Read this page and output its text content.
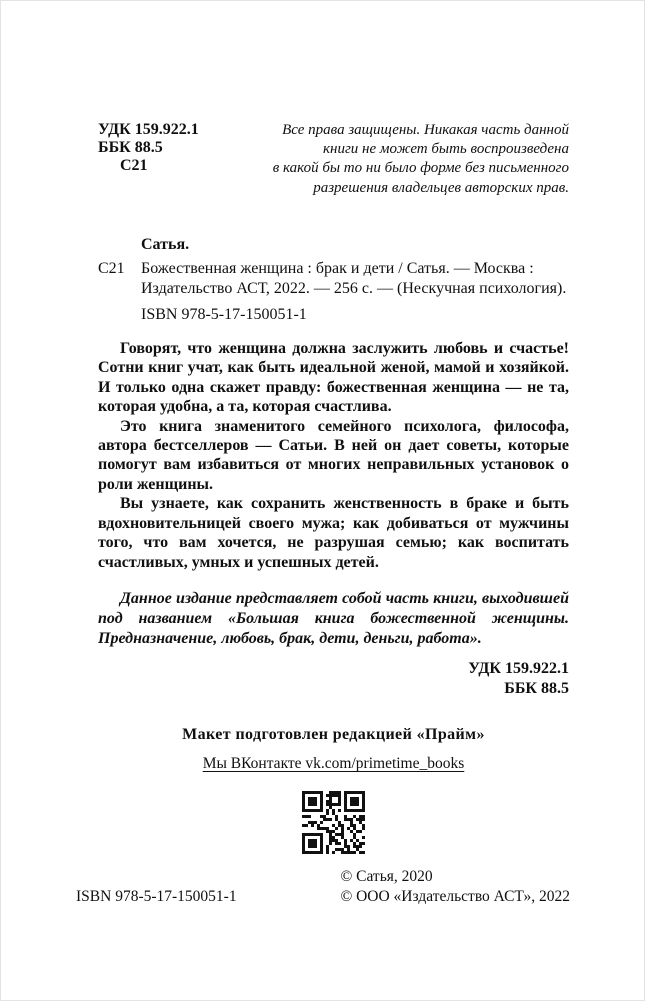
УДК 159.922.1
ББК 88.5
С21
Все права защищены. Никакая часть данной
книги не может быть воспроизведена
в какой бы то ни было форме без письменного
разрешения владельцев авторских прав.
Сатья.
С21	Божественная женщина : брак и дети / Сатья. — Москва :
Издательство АСТ, 2022. — 256 с. — (Нескучная психология).
ISBN 978-5-17-150051-1

Говорят, что женщина должна заслужить любовь и счастье! Сотни книг учат, как быть идеальной женой, мамой и хозяйкой. И только одна скажет правду: божественная женщина — не та, которая удобна, а та, которая счастлива.

Это книга знаменитого семейного психолога, философа, автора бестселлеров — Сатьи. В ней он дает советы, которые помогут вам избавиться от многих неправильных установок о роли женщины.

Вы узнаете, как сохранить женственность в браке и быть вдохновительницей своего мужа; как добиваться от мужчины того, что вам хочется, не разрушая семью; как воспитать счастливых, умных и успешных детей.

Данное издание представляет собой часть книги, выходившей под названием «Большая книга божественной женщины. Предназначение, любовь, брак, дети, деньги, работа».
УДК 159.922.1
ББК 88.5
Макет подготовлен редакцией «Прайм»
Мы ВКонтакте vk.com/primetime_books
ISBN 978-5-17-150051-1
© Сатья, 2020
© ООО «Издательство АСТ», 2022
